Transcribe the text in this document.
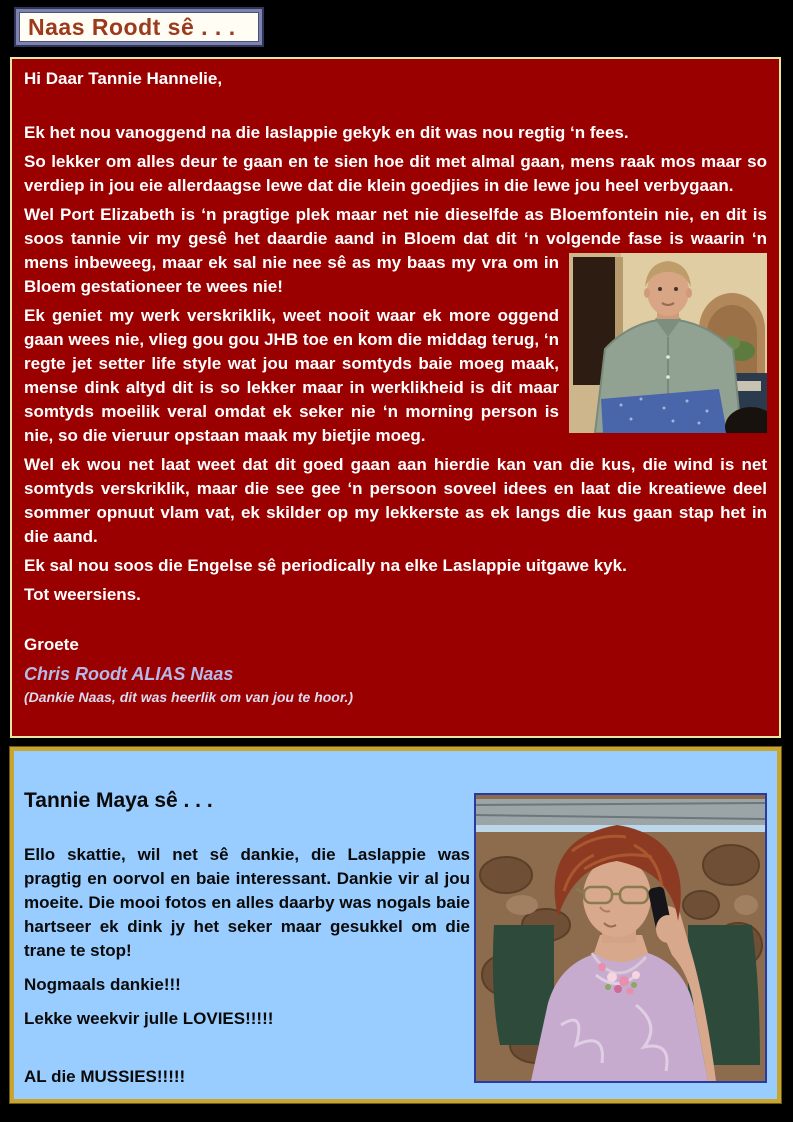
Naas Roodt sê . . .

Hi Daar Tannie Hannelie,

Ek het nou vanoggend na die laslappie gekyk en dit was nou regtig ‘n fees.

So lekker om alles deur te gaan en te sien hoe dit met almal gaan, mens raak mos maar so verdiep in jou eie allerdaagse lewe dat die klein goedjies in die lewe jou heel verbygaan.

Wel Port Elizabeth is ‘n pragtige plek maar net nie dieselfde as Bloemfontein nie, en dit is soos tannie vir my gesê het daardie aand in Bloem dat dit ‘n volgende fase is
waarin ‘n mens inbeweeg, maar ek sal nie nee sê as my baas my vra om in Bloem gestationeer te wees nie!

Ek geniet my werk verskriklik, weet nooit waar ek more oggend gaan wees nie, vlieg gou gou JHB toe en kom die middag terug, ‘n regte jet setter life style wat jou maar somtyds baie moeg maak, mense dink altyd dit is so lekker maar in werklikheid is dit maar somtyds moeilik veral omdat ek seker nie ‘n morning person is nie, so die vieruur opstaan maak my bietjie moeg.

Wel ek wou net laat weet dat dit goed gaan aan hierdie kan van die kus, die wind is net somtyds verskriklik, maar die see gee ‘n persoon soveel idees en laat die kreatiewe deel sommer opnuut vlam vat, ek skilder op my lekkerste as ek langs die kus gaan stap het in die aand.

Ek sal nou soos die Engelse sê periodically na elke Laslappie uitgawe kyk.

Tot weersiens.

Groete

Chris Roodt ALIAS Naas

(Dankie Naas, dit was heerlik om van jou te hoor.)

Tannie Maya sê . . .

Ello skattie, wil net sê dankie, die Laslappie was pragtig en oorvol en baie interessant. Dankie vir al jou moeite. Die mooi fotos en alles daarby was nogals baie hartseer ek dink jy het seker maar gesukkel om die trane te stop!

Nogmaals dankie!!!

Lekke weekvir julle LOVIES!!!!!

AL die MUSSIES!!!!!
